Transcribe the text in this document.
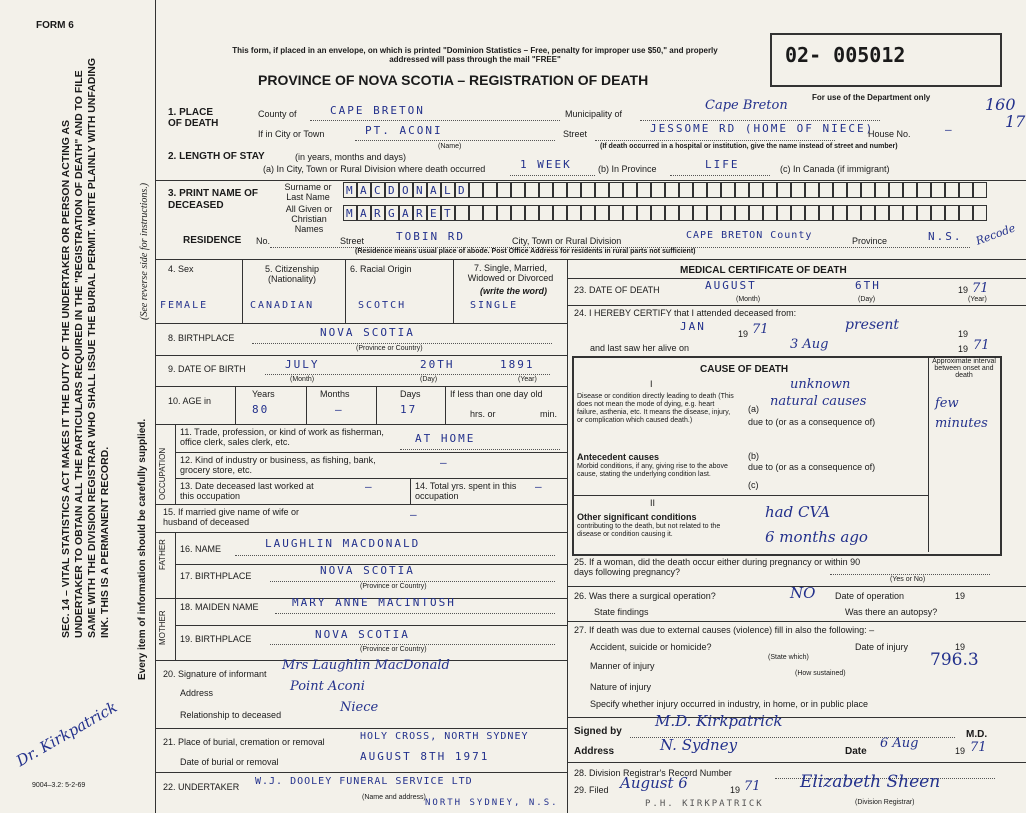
FORM 6
This form, if placed in an envelope, on which is printed "Dominion Statistics – Free, penalty for improper use $50," and properly addressed will pass through the mail "FREE"
PROVINCE OF NOVA SCOTIA – REGISTRATION OF DEATH
02- 005012
For use of the Department only	160
17
Recode
SEC. 14 – VITAL STATISTICS ACT MAKES IT THE DUTY OF THE UNDERTAKER OR PERSON ACTING AS UNDERTAKER TO OBTAIN ALL THE PARTICULARS REQUIRED IN THE "REGISTRATION OF DEATH" AND TO FILE SAME WITH THE DIVISION REGISTRAR WHO SHALL ISSUE THE BURIAL PERMIT. WRITE PLAINLY WITH UNFADING INK. THIS IS A PERMANENT RECORD.
(See reverse side for instructions.)
Every item of information should be carefully supplied.
Dr. Kirkpatrick
9004–3.2: 5-2-69
1. PLACE OF DEATH
County of	CAPE BRETON	Municipality of
Cape Breton
If in City or Town	PT. ACONI
(Name)
Street	JESSOME RD (HOME OF NIECE)
House No.	—
(If death occurred in a hospital or institution, give the name instead of street and number)
2. LENGTH OF STAY	(in years, months and days)
(a) In City, Town or Rural Division where death occurred	1 WEEK	(b) In Province	LIFE	(c) In Canada (if immigrant)
3. PRINT NAME OF DECEASED
Surname or Last Name
All Given or Christian Names
M A C D O N A L D
M A R G A R E T
RESIDENCE No.	Street	TOBIN RD	City, Town or Rural Division	CAPE BRETON County	Province	N.S.
(Residence means usual place of abode. Post Office Address for residents in rural parts not sufficient)
4. Sex	5. Citizenship (Nationality)
6. Racial Origin	7. Single, Married, Widowed or Divorced
(write the word)
FEMALE	CANADIAN	SCOTCH	SINGLE
8. BIRTHPLACE	NOVA SCOTIA
(Province or Country)
9. DATE OF BIRTH	JULY	20TH	1891
(Month)	(Day)	(Year)
10. AGE in
Years	Months	Days	If less than one day old
80	—	17	hrs. or	min.
OCCUPATION
11. Trade, profession, or kind of work as fisherman, office clerk, sales clerk, etc.	AT HOME
12. Kind of industry or business, as fishing, bank, grocery store, etc.
—
13. Date deceased last worked at this occupation
—	14. Total yrs. spent in this occupation
—
15. If married give name of wife or husband of deceased
—
FATHER 16. NAME	LAUGHLIN MACDONALD
17. BIRTHPLACE	NOVA SCOTIA
(Province or Country)
MOTHER
18. MAIDEN NAME	MARY ANNE MACINTOSH
19. BIRTHPLACE	NOVA SCOTIA
(Province or Country)
20. Signature of informant
Mrs Laughlin MacDonald
Address	Point Aconi
Relationship to deceased	Niece
21. Place of burial, cremation or removal	HOLY CROSS, NORTH SYDNEY
Date of burial or removal	AUGUST 8TH 1971
22. UNDERTAKER W.J. DOOLEY FUNERAL SERVICE LTD
(Name and address)
NORTH SYDNEY, N.S.
MEDICAL CERTIFICATE OF DEATH
23. DATE OF DEATH	AUGUST	6TH	19 71
(Month)	(Day)	(Year)
24. I HEREBY CERTIFY that I attended deceased from:
JAN
19 71	present
19
and last saw her alive on	3 Aug	19 71
CAUSE OF DEATH
Approximate interval between onset and death
I
Disease or condition directly leading to death (This does not mean the mode of dying, e.g. heart failure, asthenia, etc. It means the disease, injury, or complication which caused death.)
(a)
unknown
natural causes	few minutes
due to (or as a consequence of)
Antecedent causes
Morbid conditions, if any, giving rise to the above cause, stating the underlying condition last.
(b)
due to (or as a consequence of)
(c)
II
Other significant conditions
contributing to the death, but not related to the disease or condition causing it.
had CVA
6 months ago
25. If a woman, did the death occur either during pregnancy or within 90 days following pregnancy?
(Yes or No)
26. Was there a surgical operation?	NO Date of operation	19
State findings	Was there an autopsy?
27. If death was due to external causes (violence) fill in also the following: –
Accident, suicide or homicide?	Date of injury	19
(State which)
Manner of injury	796.3
(How sustained)
Nature of injury
Specify whether injury occurred in industry, in home, or in public place
Signed by
M.D. Kirkpatrick
M.D.
Address	N. Sydney	Date
6 Aug	19 71
28. Division Registrar's Record Number
29. Filed August 6	19 71 Elizabeth Sheen
(Division Registrar)
P.H. KIRKPATRICK
